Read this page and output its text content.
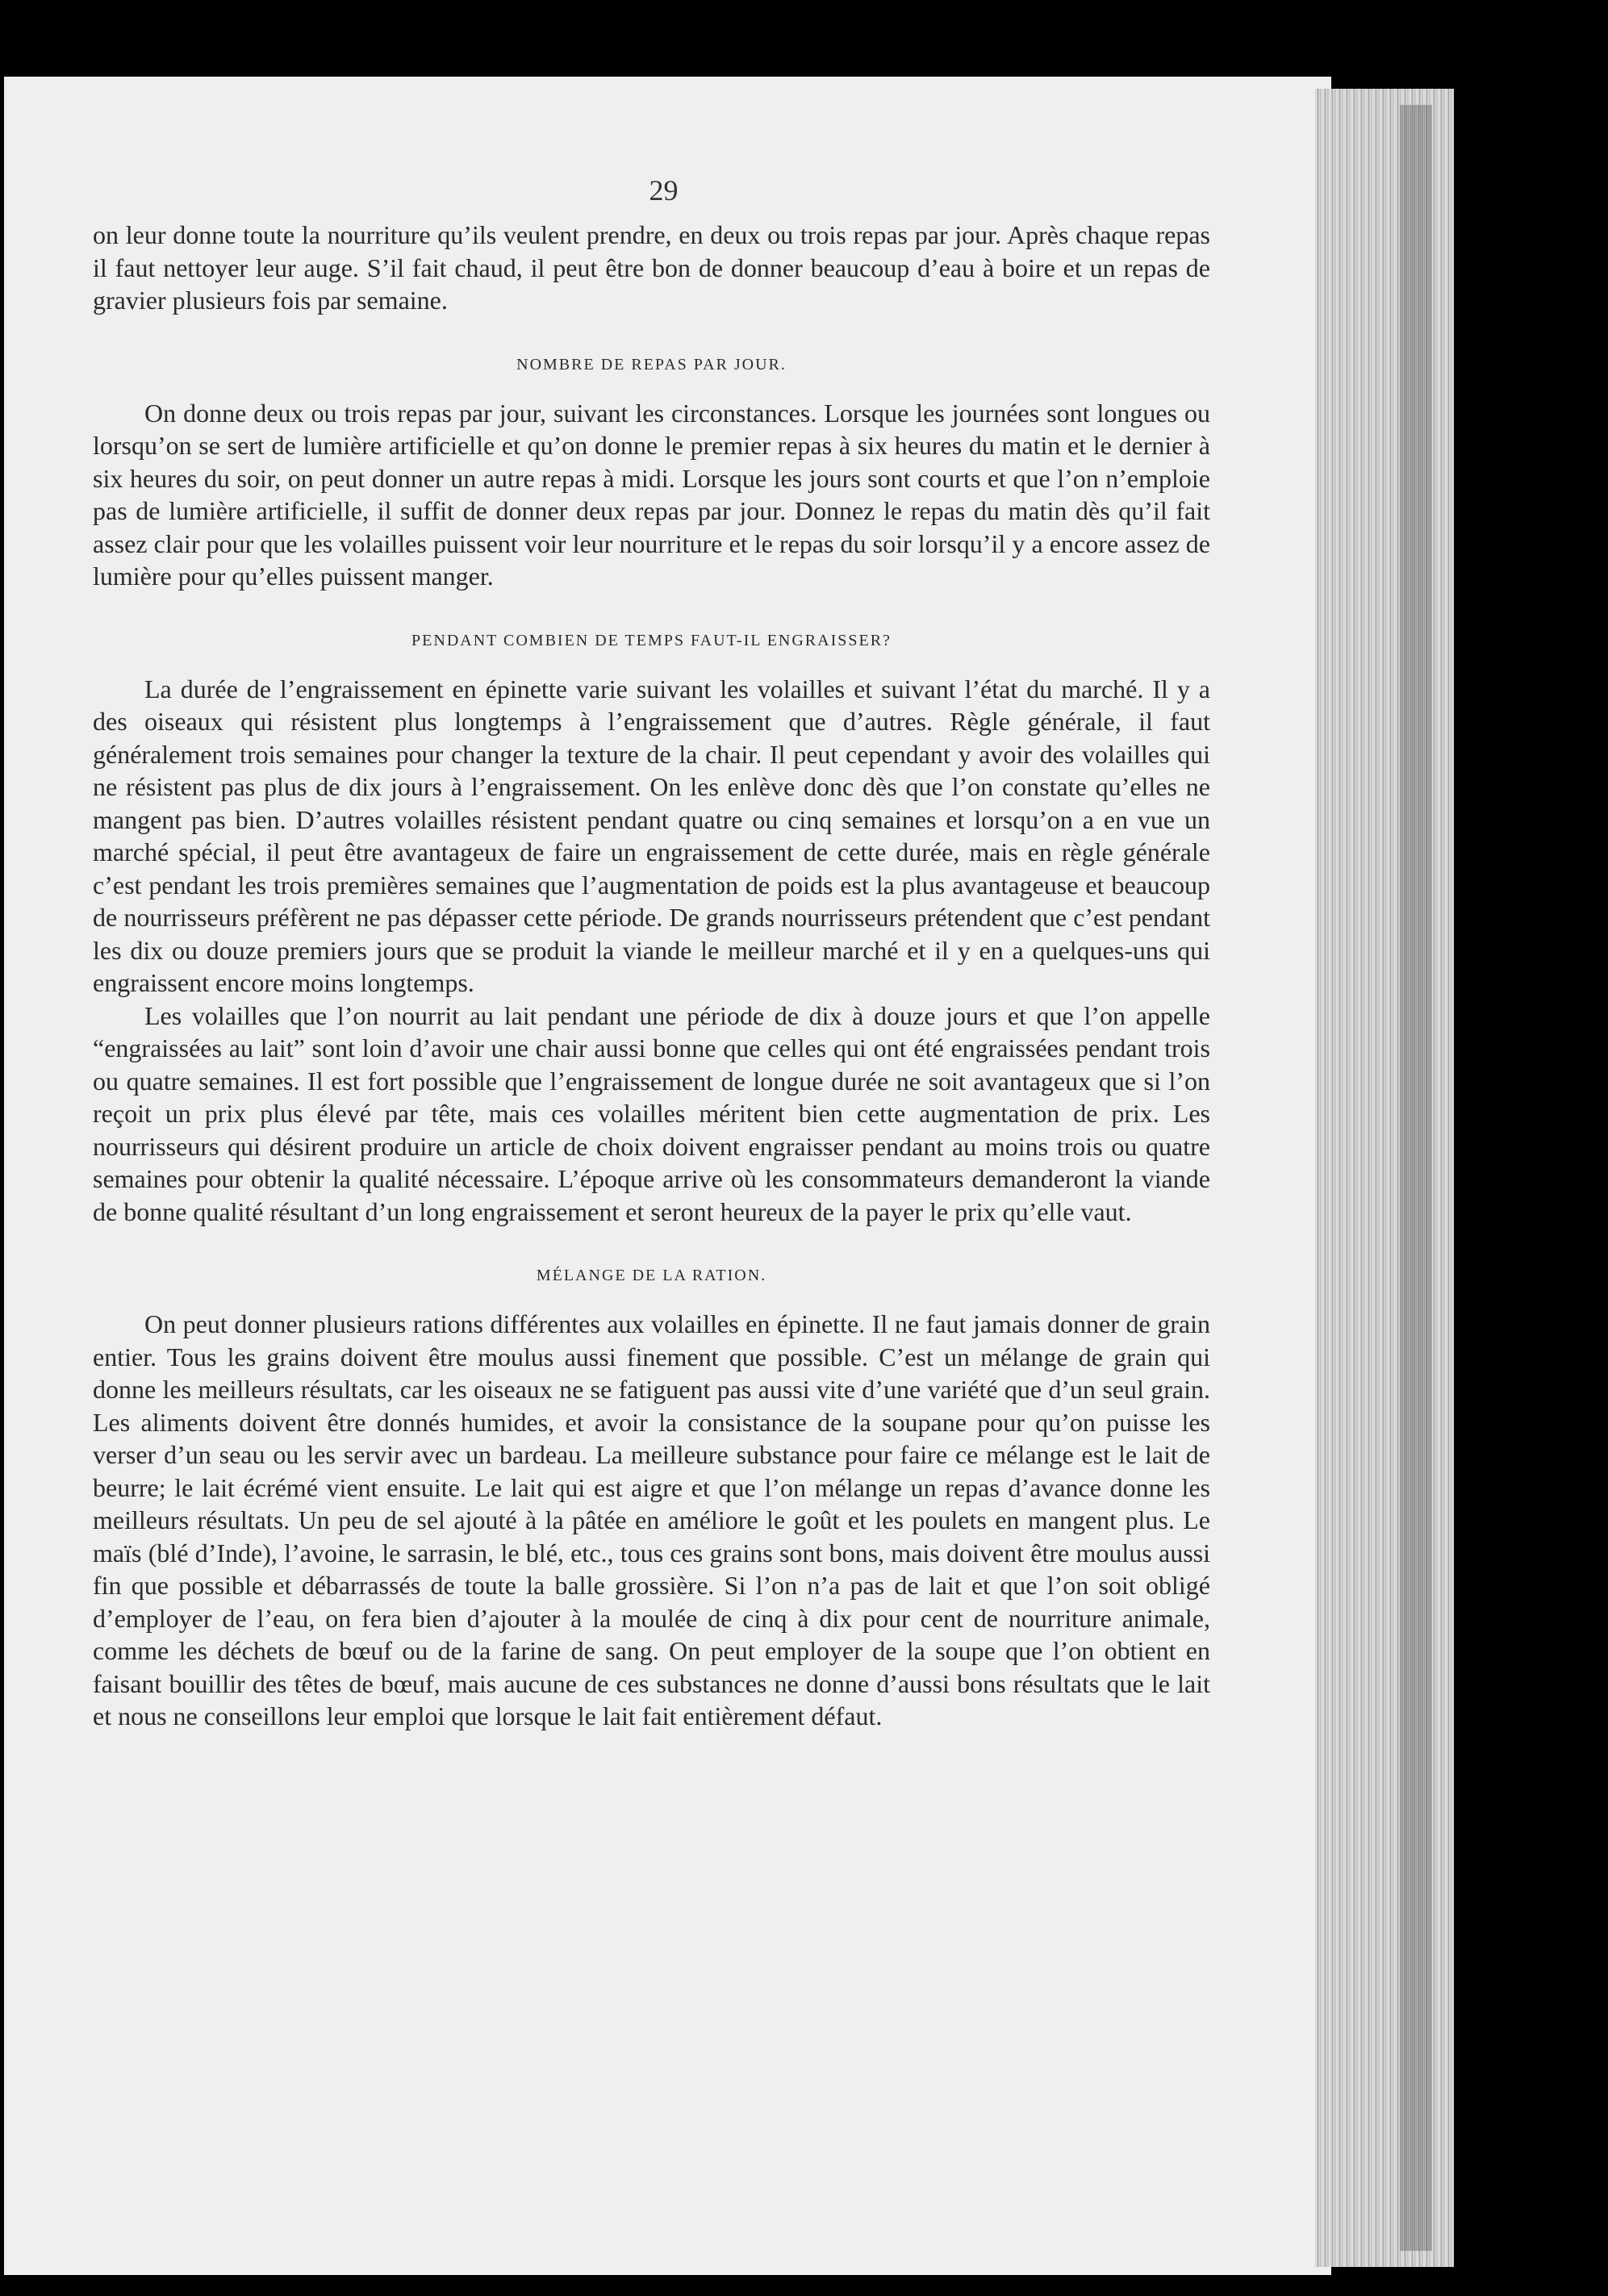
29

on leur donne toute la nourriture qu’ils veulent prendre, en deux ou trois repas par jour. Après chaque repas il faut nettoyer leur auge. S’il fait chaud, il peut être bon de donner beaucoup d’eau à boire et un repas de gravier plusieurs fois par semaine.

NOMBRE DE REPAS PAR JOUR.

On donne deux ou trois repas par jour, suivant les circonstances. Lorsque les journées sont longues ou lorsqu’on se sert de lumière artificielle et qu’on donne le premier repas à six heures du matin et le dernier à six heures du soir, on peut donner un autre repas à midi. Lorsque les jours sont courts et que l’on n’emploie pas de lumière artificielle, il suffit de donner deux repas par jour. Donnez le repas du matin dès qu’il fait assez clair pour que les volailles puissent voir leur nourriture et le repas du soir lorsqu’il y a encore assez de lumière pour qu’elles puissent manger.

PENDANT COMBIEN DE TEMPS FAUT-IL ENGRAISSER?

La durée de l’engraissement en épinette varie suivant les volailles et suivant l’état du marché. Il y a des oiseaux qui résistent plus longtemps à l’engraissement que d’autres. Règle générale, il faut généralement trois semaines pour changer la texture de la chair. Il peut cependant y avoir des volailles qui ne résistent pas plus de dix jours à l’engraissement. On les enlève donc dès que l’on constate qu’elles ne mangent pas bien. D’autres volailles résistent pendant quatre ou cinq semaines et lorsqu’on a en vue un marché spécial, il peut être avantageux de faire un engraissement de cette durée, mais en règle générale c’est pendant les trois premières semaines que l’augmentation de poids est la plus avantageuse et beaucoup de nourrisseurs préfèrent ne pas dépasser cette période. De grands nourrisseurs prétendent que c’est pendant les dix ou douze premiers jours que se produit la viande le meilleur marché et il y en a quelques-uns qui engraissent encore moins longtemps.

Les volailles que l’on nourrit au lait pendant une période de dix à douze jours et que l’on appelle “engraissées au lait” sont loin d’avoir une chair aussi bonne que celles qui ont été engraissées pendant trois ou quatre semaines. Il est fort possible que l’engraissement de longue durée ne soit avantageux que si l’on reçoit un prix plus élevé par tête, mais ces volailles méritent bien cette augmentation de prix. Les nourrisseurs qui désirent produire un article de choix doivent engraisser pendant au moins trois ou quatre semaines pour obtenir la qualité nécessaire. L’époque arrive où les consommateurs demanderont la viande de bonne qualité résultant d’un long engraissement et seront heureux de la payer le prix qu’elle vaut.

MÉLANGE DE LA RATION.

On peut donner plusieurs rations différentes aux volailles en épinette. Il ne faut jamais donner de grain entier. Tous les grains doivent être moulus aussi finement que possible. C’est un mélange de grain qui donne les meilleurs résultats, car les oiseaux ne se fatiguent pas aussi vite d’une variété que d’un seul grain. Les aliments doivent être donnés humides, et avoir la consistance de la soupane pour qu’on puisse les verser d’un seau ou les servir avec un bardeau. La meilleure substance pour faire ce mélange est le lait de beurre; le lait écrémé vient ensuite. Le lait qui est aigre et que l’on mélange un repas d’avance donne les meilleurs résultats. Un peu de sel ajouté à la pâtée en améliore le goût et les poulets en mangent plus. Le maïs (blé d’Inde), l’avoine, le sarrasin, le blé, etc., tous ces grains sont bons, mais doivent être moulus aussi fin que possible et débarrassés de toute la balle grossière. Si l’on n’a pas de lait et que l’on soit obligé d’employer de l’eau, on fera bien d’ajouter à la moulée de cinq à dix pour cent de nourriture animale, comme les déchets de bœuf ou de la farine de sang. On peut employer de la soupe que l’on obtient en faisant bouillir des têtes de bœuf, mais aucune de ces substances ne donne d’aussi bons résultats que le lait et nous ne conseillons leur emploi que lorsque le lait fait entièrement défaut.
